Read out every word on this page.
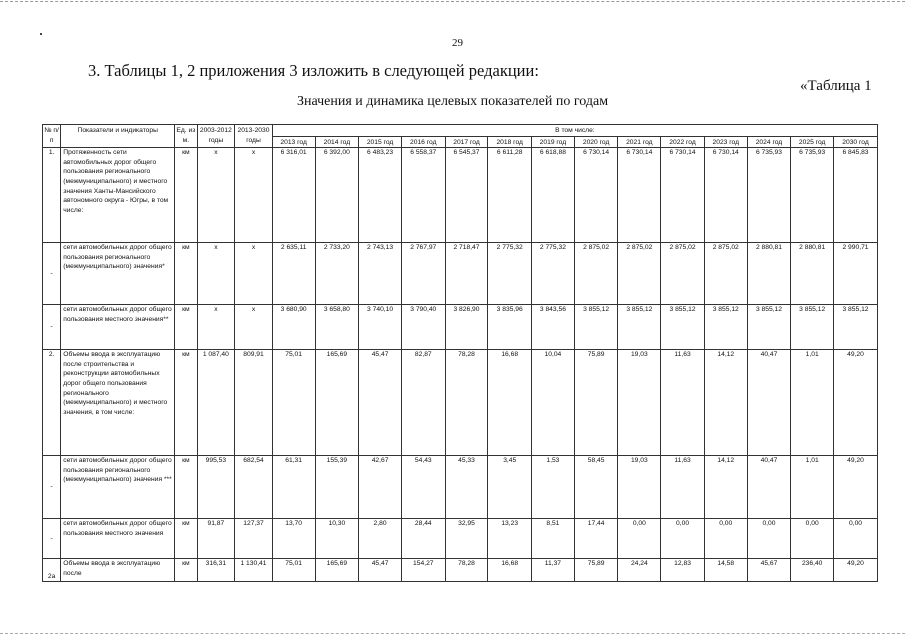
29
3. Таблицы 1, 2 приложения 3 изложить в следующей редакции:
«Таблица 1
Значения и динамика целевых показателей по годам
№ п/ п	Показатели и индикаторы	Ед. из м.	2003-2012 годы	2013-2030 годы	В том числе:													
					2013 год	2014 год	2015 год	2016 год	2017 год	2018 год	2019 год	2020 год	2021 год	2022 год	2023 год	2024 год	2025 год	2030 год
1.	Протяженность сети автомобильных дорог общего пользования регионального (межмуниципального) и местного значения Ханты-Мансийского автономного округа - Югры, в том числе:	км	х	х	6 316,01	6 392,00	6 483,23	6 558,37	6 545,37	6 611,28	6 618,88	6 730,14	6 730,14	6 730,14	6 730,14	6 735,93	6 735,93	6 845,83
-	сети автомобильных дорог общего пользования регионального (межмуниципального) значения*	км	х	х	2 635,11	2 733,20	2 743,13	2 767,97	2 718,47	2 775,32	2 775,32	2 875,02	2 875,02	2 875,02	2 875,02	2 880,81	2 880,81	2 990,71
-	сети автомобильных дорог общего пользования местного значения**	км	х	х	3 680,90	3 658,80	3 740,10	3 790,40	3 826,90	3 835,96	3 843,56	3 855,12	3 855,12	3 855,12	3 855,12	3 855,12	3 855,12	3 855,12
2.	Объемы ввода в эксплуатацию после строительства и реконструкции автомобильных дорог общего пользования регионального (межмуниципального) и местного значения, в том числе:	км	1 087,40	809,91	75,01	165,69	45,47	82,87	78,28	16,68	10,04	75,89	19,03	11,63	14,12	40,47	1,01	49,20
-	сети автомобильных дорог общего пользования регионального (межмуниципального) значения ***	км	995,53	682,54	61,31	155,39	42,67	54,43	45,33	3,45	1,53	58,45	19,03	11,63	14,12	40,47	1,01	49,20
-	сети автомобильных дорог общего пользования местного значения	км	91,87	127,37	13,70	10,30	2,80	28,44	32,95	13,23	8,51	17,44	0,00	0,00	0,00	0,00	0,00	0,00
2а	Объемы ввода в эксплуатацию после	км	316,31	1 130,41	75,01	165,69	45,47	154,27	78,28	16,68	11,37	75,89	24,24	12,83	14,58	45,67	236,40	49,20
